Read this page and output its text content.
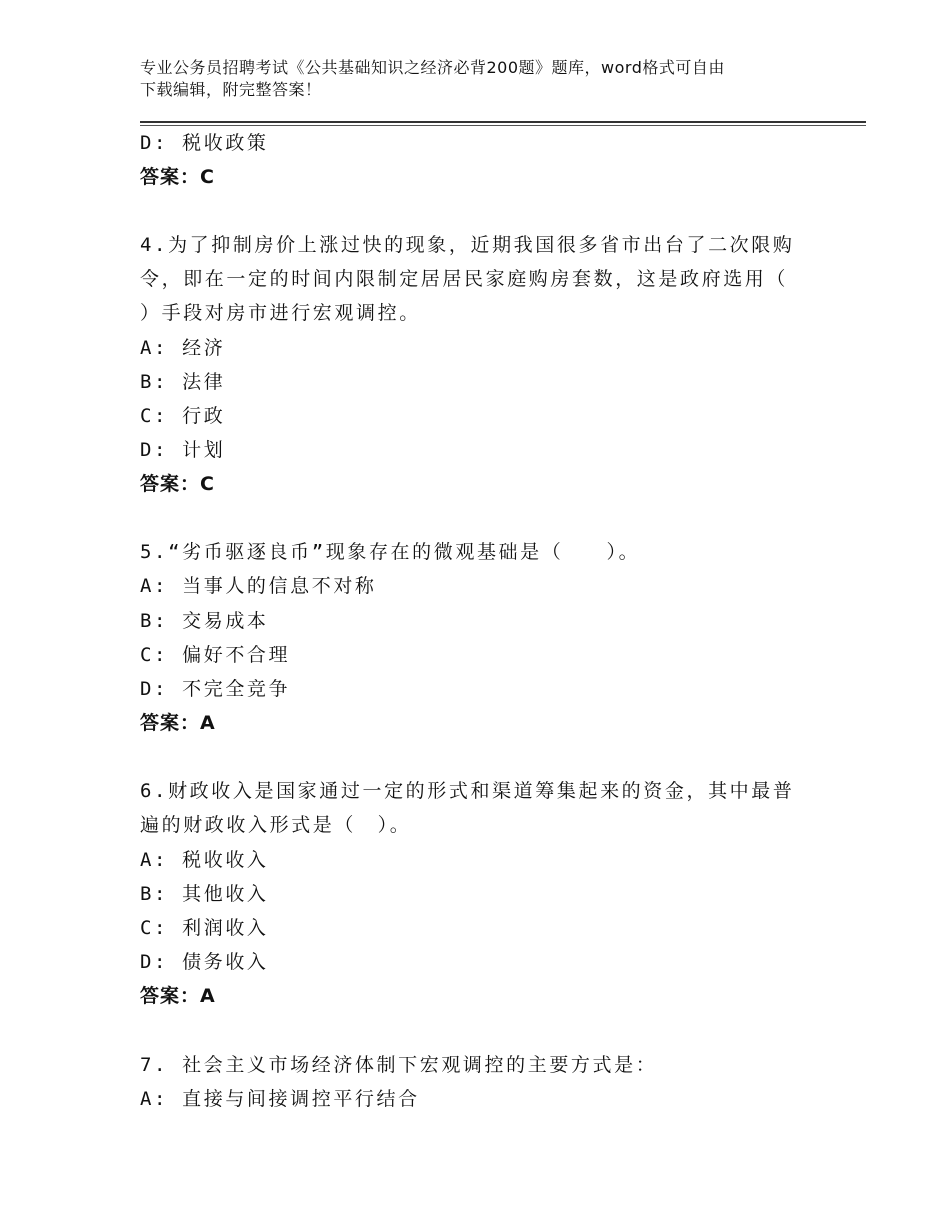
专业公务员招聘考试《公共基础知识之经济必背200题》题库，word格式可自由
下载编辑，附完整答案！
D: 税收政策
答案：C
4.为了抑制房价上涨过快的现象，近期我国很多省市出台了二次限购
令，即在一定的时间内限制定居居民家庭购房套数，这是政府选用（
）手段对房市进行宏观调控。
A: 经济
B: 法律
C: 行政
D: 计划
答案：C
5.“劣币驱逐良币”现象存在的微观基础是（　　）。
A: 当事人的信息不对称
B: 交易成本
C: 偏好不合理
D: 不完全竞争
答案：A
6.财政收入是国家通过一定的形式和渠道筹集起来的资金，其中最普
遍的财政收入形式是（　）。
A: 税收收入
B: 其他收入
C: 利润收入
D: 债务收入
答案：A
7. 社会主义市场经济体制下宏观调控的主要方式是：
A: 直接与间接调控平行结合
